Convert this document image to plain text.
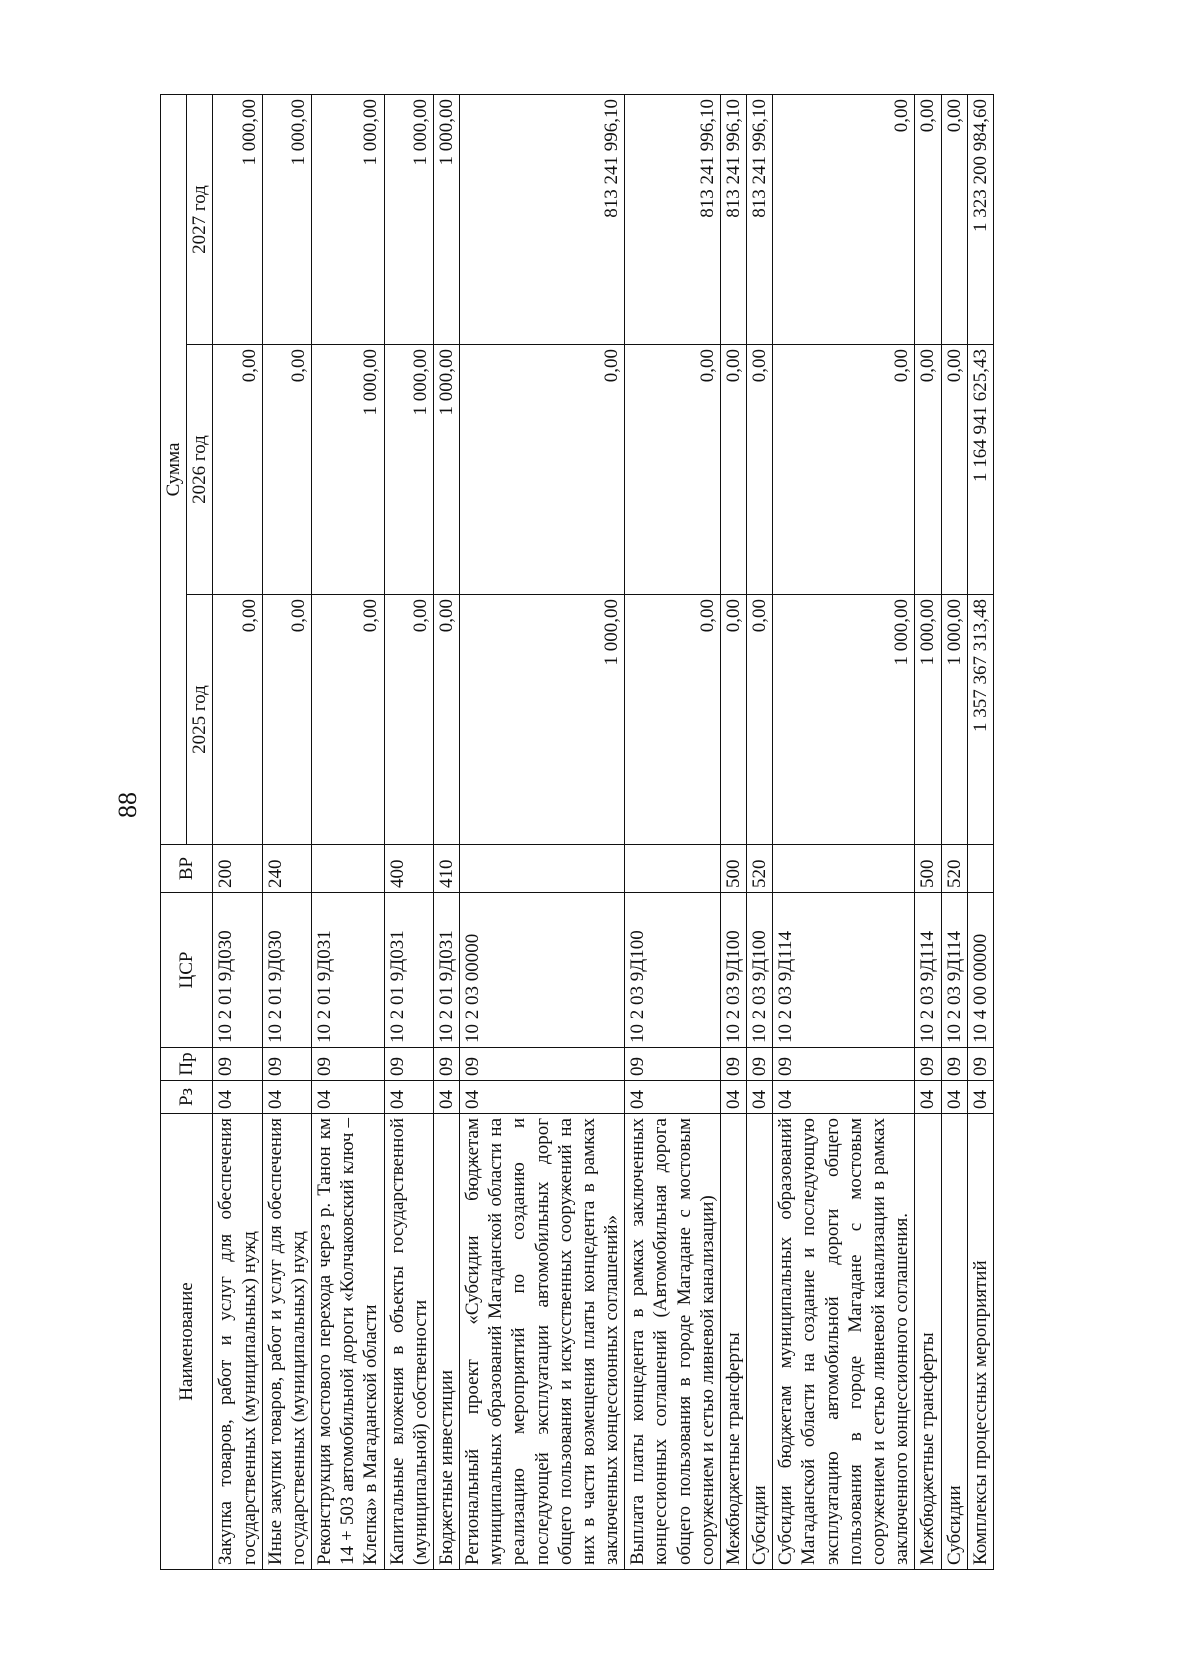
88
Наименование	Рз	Пр	ЦСР	ВР	Сумма		
					2025 год	2026 год	2027 год
Закупка товаров, работ и услуг для обеспечения государственных (муниципальных) нужд	04	09	10 2 01 9Д030	200	0,00	0,00	1 000,00
Иные закупки товаров, работ и услуг для обеспечения государственных (муниципальных) нужд	04	09	10 2 01 9Д030	240	0,00	0,00	1 000,00
Реконструкция мостового перехода через р. Танон км 14 + 503 автомобильной дороги «Колчаковский ключ – Клепка» в Магаданской области	04	09	10 2 01 9Д031		0,00	1 000,00	1 000,00
Капитальные вложения в объекты государственной (муниципальной) собственности	04	09	10 2 01 9Д031	400	0,00	1 000,00	1 000,00
Бюджетные инвестиции	04	09	10 2 01 9Д031	410	0,00	1 000,00	1 000,00
Региональный проект «Субсидии бюджетам муниципальных образований Магаданской области на реализацию мероприятий по созданию и последующей эксплуатации автомобильных дорог общего пользования и искусственных сооружений на них в части возмещения платы концедента в рамках заключенных концессионных соглашений»	04	09	10 2 03 00000		1 000,00	0,00	813 241 996,10
Выплата платы концедента в рамках заключенных концессионных соглашений (Автомобильная дорога общего пользования в городе Магадане с мостовым сооружением и сетью ливневой канализации)	04	09	10 2 03 9Д100		0,00	0,00	813 241 996,10
Межбюджетные трансферты	04	09	10 2 03 9Д100	500	0,00	0,00	813 241 996,10
Субсидии	04	09	10 2 03 9Д100	520	0,00	0,00	813 241 996,10
Субсидии бюджетам муниципальных образований Магаданской области на создание и последующую эксплуатацию автомобильной дороги общего пользования в городе Магадане с мостовым сооружением и сетью ливневой канализации в рамках заключенного концессионного соглашения.	04	09	10 2 03 9Д114		1 000,00	0,00	0,00
Межбюджетные трансферты	04	09	10 2 03 9Д114	500	1 000,00	0,00	0,00
Субсидии	04	09	10 2 03 9Д114	520	1 000,00	0,00	0,00
Комплексы процессных мероприятий	04	09	10 4 00 00000		1 357 367 313,48	1 164 941 625,43	1 323 200 984,60
